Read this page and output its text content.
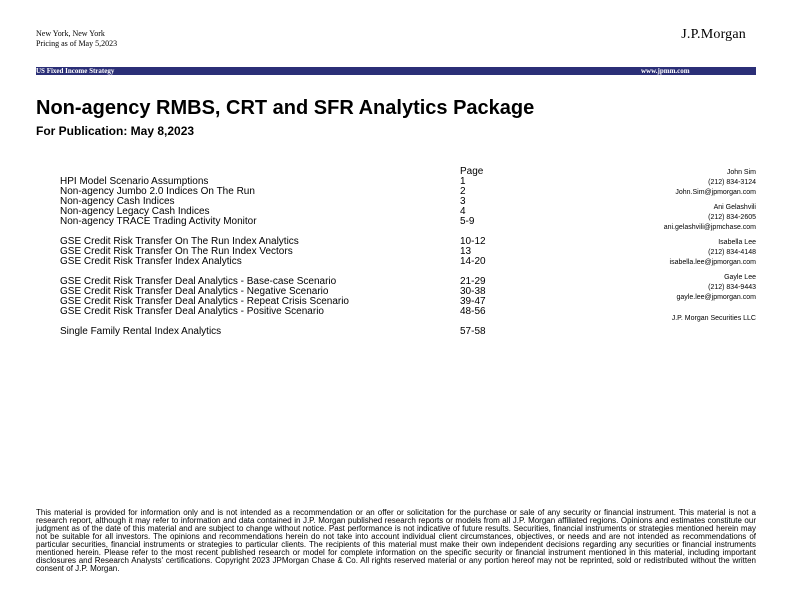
New York, New York
Pricing as of May 5,2023
J.P.Morgan
US Fixed Income Strategy	www.jpmm.com
Non-agency RMBS, CRT and SFR Analytics Package
For Publication: May 8,2023
Page
HPI Model Scenario Assumptions	1
Non-agency Jumbo 2.0 Indices On The Run	2
Non-agency Cash Indices	3
Non-agency Legacy Cash Indices	4
Non-agency TRACE Trading Activity Monitor	5-9
GSE Credit Risk Transfer On The Run Index Analytics	10-12
GSE Credit Risk Transfer On The Run Index Vectors	13
GSE Credit Risk Transfer Index Analytics	14-20
GSE Credit Risk Transfer Deal Analytics - Base-case Scenario	21-29
GSE Credit Risk Transfer Deal Analytics - Negative Scenario	30-38
GSE Credit Risk Transfer Deal Analytics - Repeat Crisis Scenario	39-47
GSE Credit Risk Transfer Deal Analytics - Positive Scenario	48-56
Single Family Rental Index Analytics	57-58
John Sim
(212) 834-3124
John.Sim@jpmorgan.com
Ani Gelashvili
(212) 834-2605
ani.gelashvili@jpmchase.com
Isabella Lee
(212) 834-4148
isabella.lee@jpmorgan.com
Gayle Lee
(212) 834-9443
gayle.lee@jpmorgan.com
J.P. Morgan Securities LLC
This material is provided for information only and is not intended as a recommendation or an offer or solicitation for the purchase or sale of any security or financial instrument. This material is not a research report, although it may refer to information and data contained in J.P. Morgan published research reports or models from all J.P. Morgan affiliated regions. Opinions and estimates constitute our judgment as of the date of this material and are subject to change without notice. Past performance is not indicative of future results. Securities, financial instruments or strategies mentioned herein may not be suitable for all investors. The opinions and recommendations herein do not take into account individual client circumstances, objectives, or needs and are not intended as recommendations of particular securities, financial instruments or strategies to particular clients. The recipients of this material must make their own independent decisions regarding any securities or financial instruments mentioned herein. Please refer to the most recent published research or model for complete information on the specific security or financial instrument mentioned in this material, including important disclosures and Research Analysts' certifications. Copyright 2023 JPMorgan Chase & Co. All rights reserved material or any portion hereof may not be reprinted, sold or redistributed without the written consent of J.P. Morgan.
